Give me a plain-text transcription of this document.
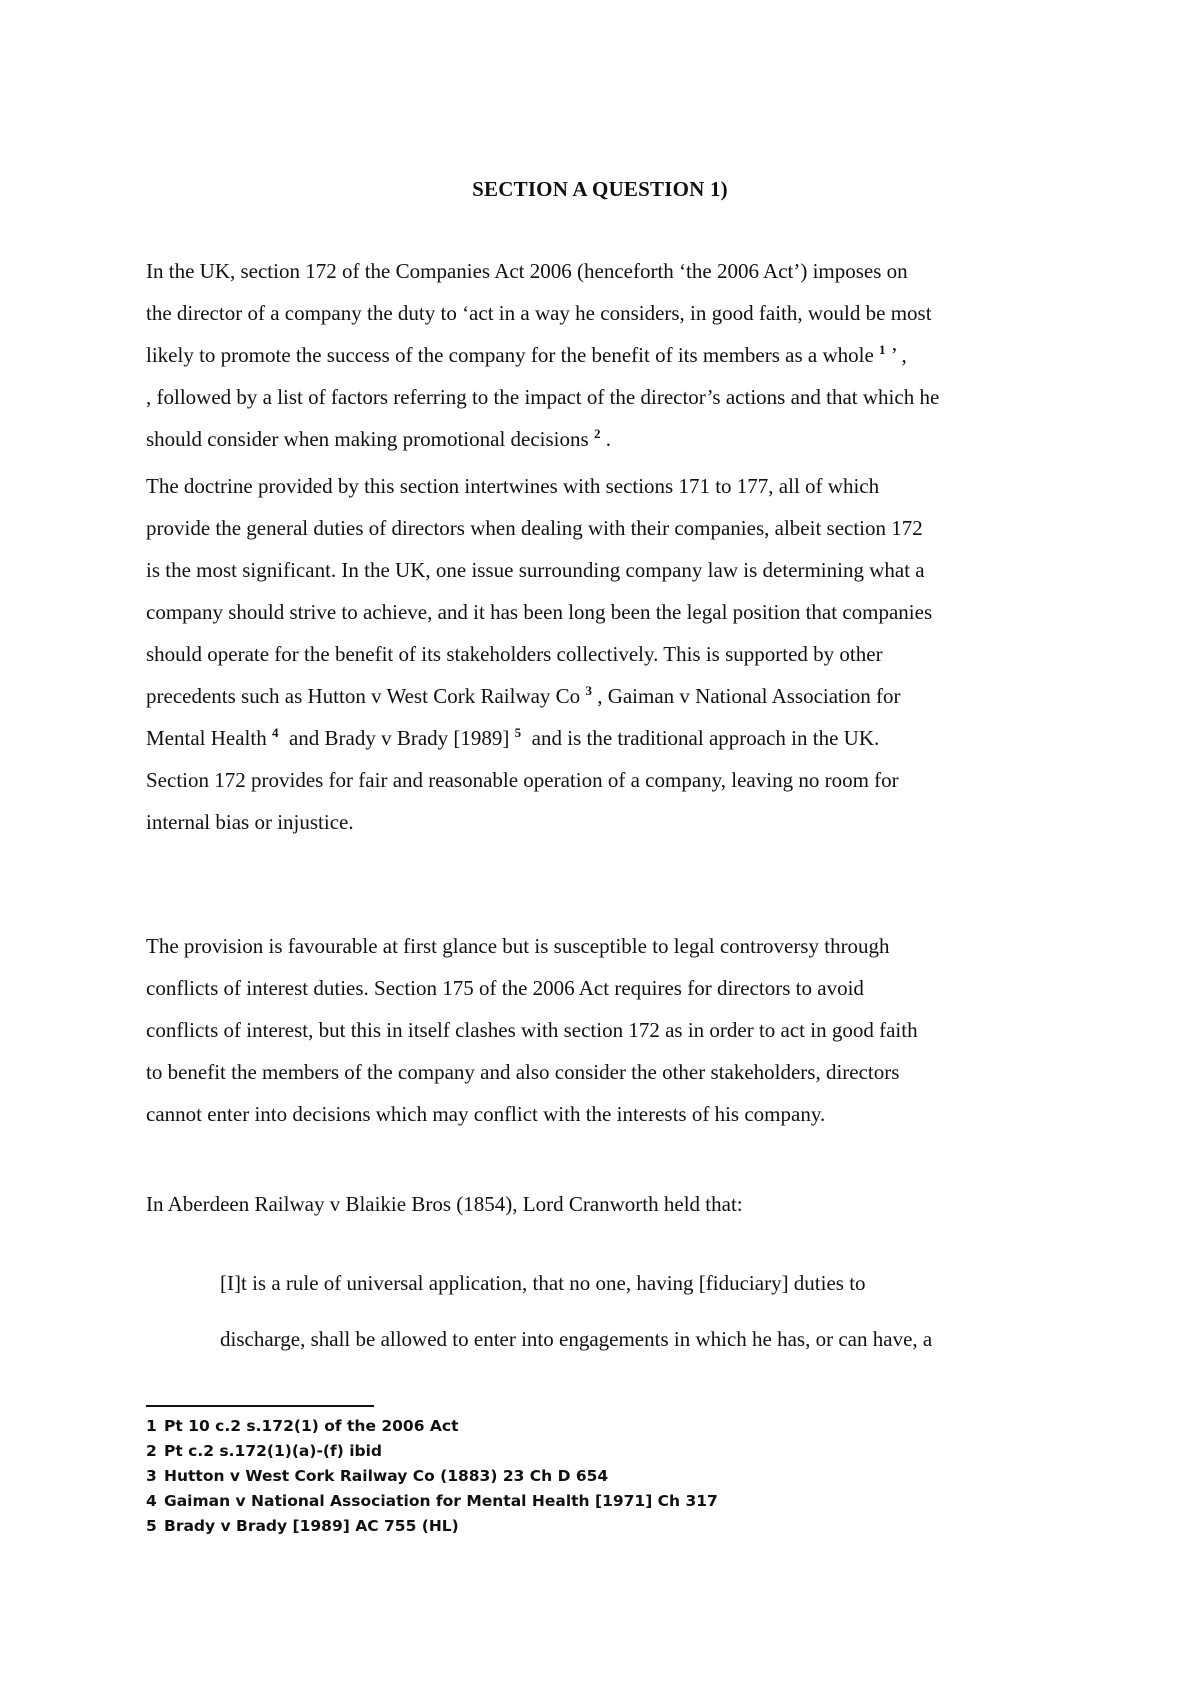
SECTION A QUESTION 1)
In the UK, section 172 of the Companies Act 2006 (henceforth ‘the 2006 Act’) imposes on
the director of a company the duty to ‘act in a way he considers, in good faith, would be most
likely to promote the success of the company for the benefit of its members as a whole $^1$ ’ ,
, followed by a list of factors referring to the impact of the director’s actions and that which he
should consider when making promotional decisions $^2$ .
The doctrine provided by this section intertwines with sections 171 to 177, all of which
provide the general duties of directors when dealing with their companies, albeit section 172
is the most significant. In the UK, one issue surrounding company law is determining what a
company should strive to achieve, and it has been long been the legal position that companies
should operate for the benefit of its stakeholders collectively. This is supported by other
precedents such as Hutton v West Cork Railway Co $^3$ , Gaiman v National Association for
Mental Health $^4$ and Brady v Brady [1989] $^5$ and is the traditional approach in the UK.
Section 172 provides for fair and reasonable operation of a company, leaving no room for
internal bias or injustice.
The provision is favourable at first glance but is susceptible to legal controversy through
conflicts of interest duties. Section 175 of the 2006 Act requires for directors to avoid
conflicts of interest, but this in itself clashes with section 172 as in order to act in good faith
to benefit the members of the company and also consider the other stakeholders, directors
cannot enter into decisions which may conflict with the interests of his company.
In Aberdeen Railway v Blaikie Bros (1854), Lord Cranworth held that:
[I]t is a rule of universal application, that no one, having [fiduciary] duties to
discharge, shall be allowed to enter into engagements in which he has, or can have, a
1 Pt 10 c.2 s.172(1) of the 2006 Act
2 Pt c.2 s.172(1)(a)-(f) ibid
3 Hutton v West Cork Railway Co (1883) 23 Ch D 654
4 Gaiman v National Association for Mental Health [1971] Ch 317
5 Brady v Brady [1989] AC 755 (HL)
